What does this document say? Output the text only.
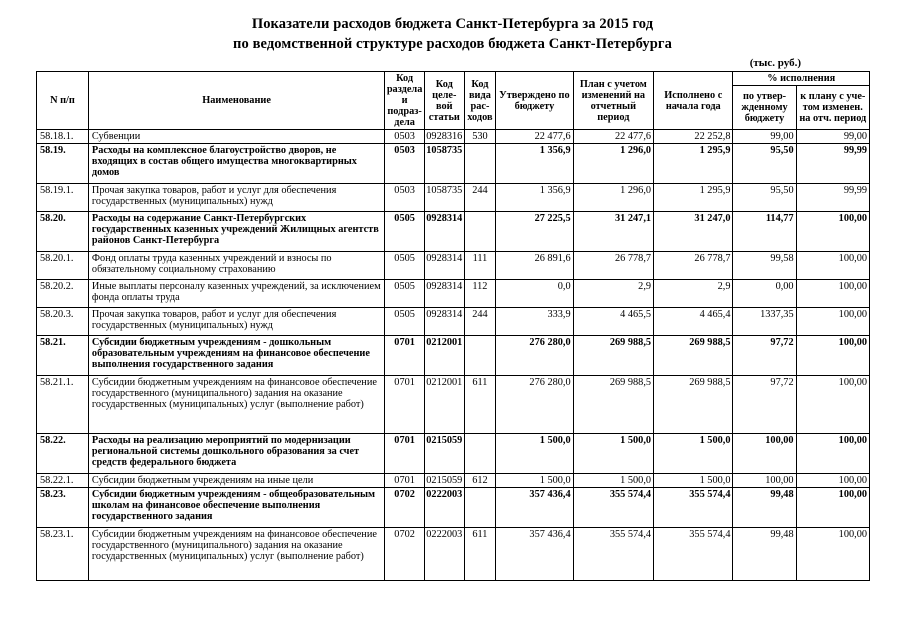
Показатели расходов бюджета Санкт-Петербурга за 2015 год
по ведомственной структуре расходов бюджета Санкт-Петербурга
(тыс. руб.)
N п/п	Наименование	Код раздела и подраз-дела	Код целе-вой статьи	Код вида рас-ходов	Утверждено по бюджету	План с учетом изменений на отчетный период	Исполнено с начала года	% исполнения	
								по утвер-жденному бюджету	к плану с уче-том изменен. на отч. период
58.18.1.	Субвенции	0503	0928316	530	22 477,6	22 477,6	22 252,8	99,00	99,00
58.19.	Расходы на комплексное благоустройство дворов, не входящих в состав общего имущества многоквартирных домов	0503	1058735		1 356,9	1 296,0	1 295,9	95,50	99,99
58.19.1.	Прочая закупка товаров, работ и услуг для обеспечения государственных (муниципальных) нужд	0503	1058735	244	1 356,9	1 296,0	1 295,9	95,50	99,99
58.20.	Расходы на содержание Санкт-Петербургских государственных казенных учреждений Жилищных агентств районов Санкт-Петербурга	0505	0928314		27 225,5	31 247,1	31 247,0	114,77	100,00
58.20.1.	Фонд оплаты труда казенных учреждений и взносы по обязательному социальному страхованию	0505	0928314	111	26 891,6	26 778,7	26 778,7	99,58	100,00
58.20.2.	Иные выплаты персоналу казенных учреждений, за исключением фонда оплаты труда	0505	0928314	112	0,0	2,9	2,9	0,00	100,00
58.20.3.	Прочая закупка товаров, работ и услуг для обеспечения государственных (муниципальных) нужд	0505	0928314	244	333,9	4 465,5	4 465,4	1337,35	100,00
58.21.	Субсидии бюджетным учреждениям - дошкольным образовательным учреждениям на финансовое обеспечение выполнения государственного задания	0701	0212001		276 280,0	269 988,5	269 988,5	97,72	100,00
58.21.1.	Субсидии бюджетным учреждениям на финансовое обеспечение государственного (муниципального) задания на оказание государственных (муниципальных) услуг (выполнение работ)	0701	0212001	611	276 280,0	269 988,5	269 988,5	97,72	100,00
58.22.	Расходы на реализацию мероприятий по модернизации региональной системы дошкольного образования за счет средств федерального бюджета	0701	0215059		1 500,0	1 500,0	1 500,0	100,00	100,00
58.22.1.	Субсидии бюджетным учреждениям на иные цели	0701	0215059	612	1 500,0	1 500,0	1 500,0	100,00	100,00
58.23.	Субсидии бюджетным учреждениям - общеобразовательным школам на финансовое обеспечение выполнения государственного задания	0702	0222003		357 436,4	355 574,4	355 574,4	99,48	100,00
58.23.1.	Субсидии бюджетным учреждениям на финансовое обеспечение государственного (муниципального) задания на оказание государственных (муниципальных) услуг (выполнение работ)	0702	0222003	611	357 436,4	355 574,4	355 574,4	99,48	100,00
